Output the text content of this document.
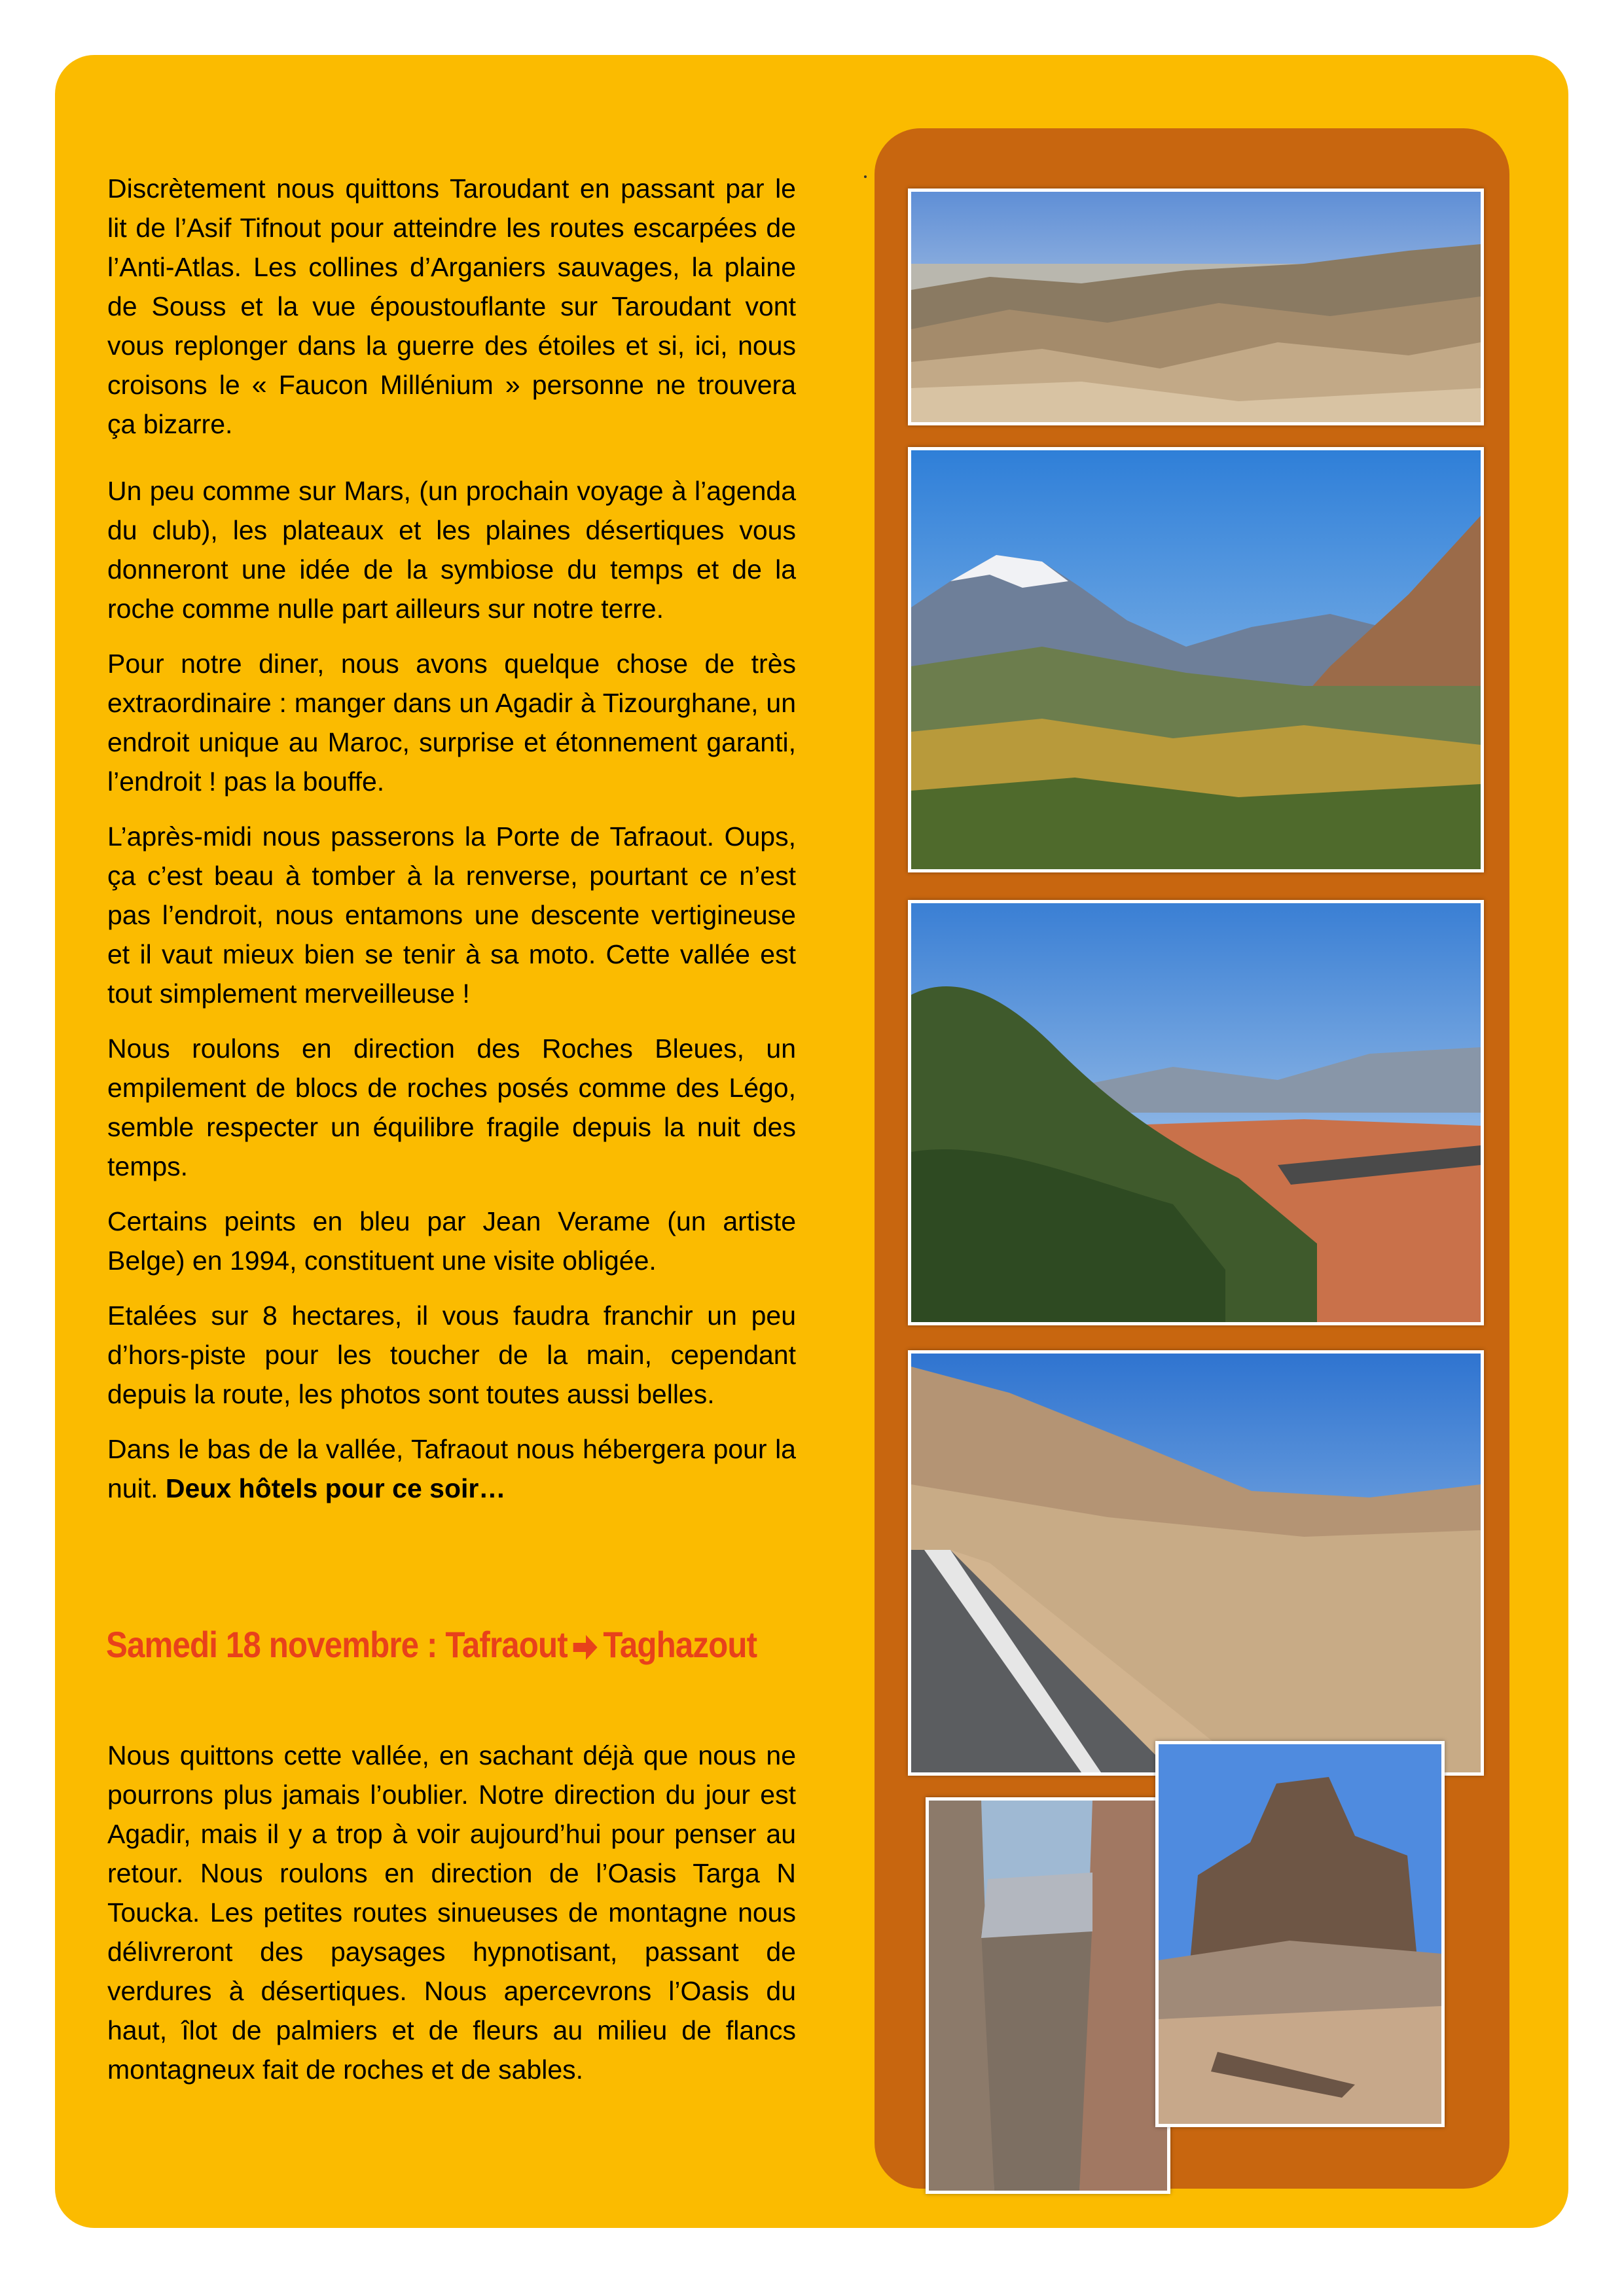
Discrètement nous quittons Taroudant en passant par le lit de l’Asif Tifnout pour atteindre les routes escarpées de l’Anti-Atlas. Les collines d’Arganiers sauvages, la plaine de Souss et la vue époustouflante sur Taroudant vont vous replonger dans la guerre des étoiles et si, ici, nous croisons le « Faucon Millénium » personne ne trouvera ça bizarre.

Un peu comme sur Mars, (un prochain voyage à l’agenda du club), les plateaux et les plaines désertiques vous donneront une idée de la symbiose du temps et de la roche comme nulle part ailleurs sur notre terre.

Pour notre diner, nous avons quelque chose de très extraordinaire : manger dans un Agadir à Tizourghane, un endroit unique au Maroc, surprise et étonnement garanti, l’endroit ! pas la bouffe.

L’après-midi nous passerons la Porte de Tafraout. Oups, ça c’est beau à tomber à la renverse, pourtant ce n’est pas l’endroit, nous entamons une descente vertigineuse et il vaut mieux bien se tenir à sa moto. Cette vallée est tout simplement merveilleuse !

Nous roulons en direction des Roches Bleues, un empilement de blocs de roches posés comme des Légo, semble respecter un équilibre fragile depuis la nuit des temps.

Certains peints en bleu par Jean Verame (un artiste Belge) en 1994, constituent une visite obligée.

Etalées sur 8 hectares, il vous faudra franchir un peu d’hors-piste pour les toucher de la main, cependant depuis la route, les photos sont toutes aussi belles.

Dans le bas de la vallée, Tafraout nous hébergera pour la nuit. Deux hôtels pour ce soir…

Samedi 18 novembre : Tafraout Taghazout

Nous quittons cette vallée, en sachant déjà que nous ne pourrons plus jamais l’oublier. Notre direction du jour est Agadir, mais il y a trop à voir aujourd’hui pour penser au retour. Nous roulons en direction de l’Oasis Targa N Toucka. Les petites routes sinueuses de montagne nous délivreront des paysages hypnotisant, passant de verdures à désertiques. Nous apercevrons l’Oasis du haut, îlot de palmiers et de fleurs au milieu de flancs montagneux fait de roches et de sables.
